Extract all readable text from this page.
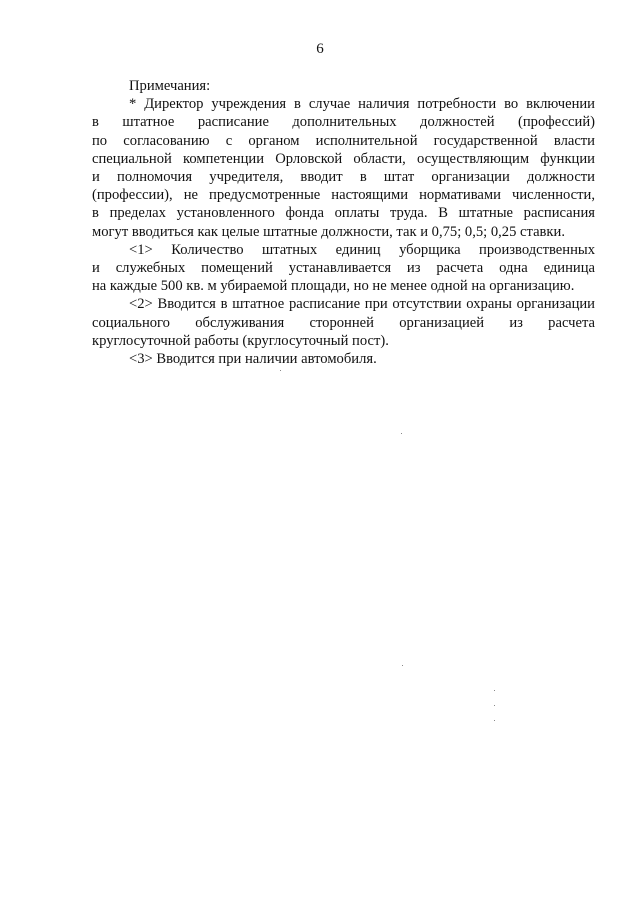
6

Примечания:

* Директор учреждения в случае наличия потребности во включении
в штатное расписание дополнительных должностей (профессий)
по согласованию с органом исполнительной государственной власти
специальной компетенции Орловской области, осуществляющим функции
и полномочия учредителя, вводит в штат организации должности
(профессии), не предусмотренные настоящими нормативами численности,
в пределах установленного фонда оплаты труда. В штатные расписания
могут вводиться как целые штатные должности, так и 0,75; 0,5; 0,25 ставки.
<1> Количество штатных единиц уборщика производственных
и служебных помещений устанавливается из расчета одна единица
на каждые 500 кв. м убираемой площади, но не менее одной на организацию.
<2> Вводится в штатное расписание при отсутствии охраны организации
социального обслуживания сторонней организацией из расчета
круглосуточной работы (круглосуточный пост).
<3> Вводится при наличии автомобиля.
